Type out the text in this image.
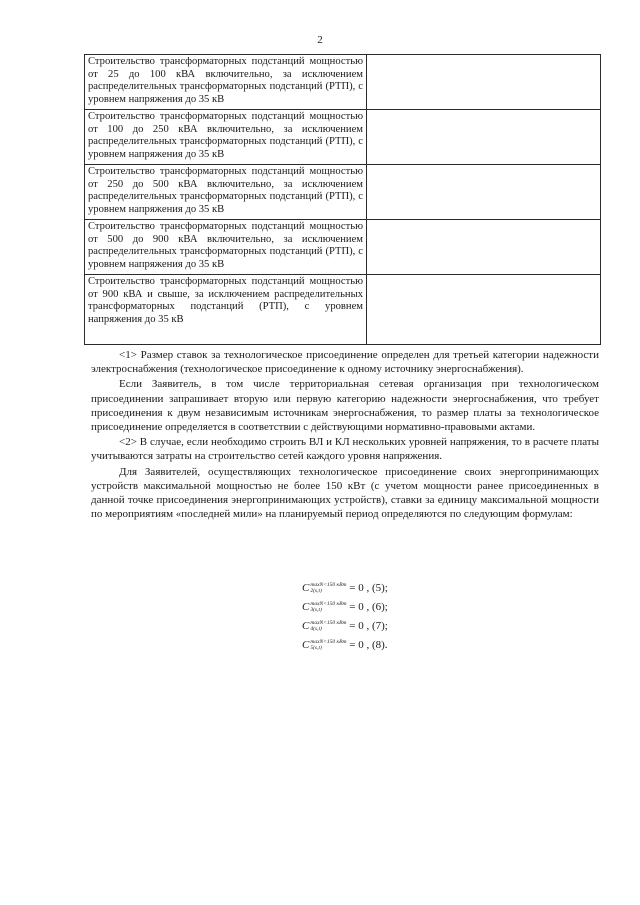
2
Строительство трансформаторных подстанций мощностью от 25 до 100 кВА включительно, за исключением распределительных трансформаторных подстанций (РТП), с уровнем напряжения до 35 кВ	
Строительство трансформаторных подстанций мощностью от 100 до 250 кВА включительно, за исключением распределительных трансформаторных подстанций (РТП), с уровнем напряжения до 35 кВ	
Строительство трансформаторных подстанций мощностью от 250 до 500 кВА включительно, за исключением распределительных трансформаторных подстанций (РТП), с уровнем напряжения до 35 кВ	
Строительство трансформаторных подстанций мощностью от 500 до 900 кВА включительно, за исключением распределительных трансформаторных подстанций (РТП), с уровнем напряжения до 35 кВ	
Строительство трансформаторных подстанций мощностью от 900 кВА и свыше, за исключением распределительных трансформаторных подстанций (РТП), с уровнем напряжения до 35 кВ	

<1> Размер ставок за технологическое присоединение определен для третьей категории надежности электроснабжения (технологическое присоединение к одному источнику энергоснабжения).

Если Заявитель, в том числе территориальная сетевая организация при технологическом присоединении запрашивает вторую или первую категорию надежности энергоснабжения, что требует присоединения к двум независимым источникам энергоснабжения, то размер платы за технологическое присоединение определяется в соответствии с действующими нормативно-правовыми актами.

<2> В случае, если необходимо строить ВЛ и КЛ нескольких уровней напряжения, то в расчете платы учитываются затраты на строительство сетей каждого уровня напряжения.

Для Заявителей, осуществляющих технологическое присоединение своих энергопринимающих устройств максимальной мощностью не более 150 кВт (с учетом мощности ранее присоединенных в данной точке присоединения энергопринимающих устройств), ставки за единицу максимальной мощности по мероприятиям «последней мили» на планируемый период определяются по следующим формулам:

C maxN<150 кВт
2(s,t)	= 0 , (5);
C maxN<150 кВт
3(s,t)	= 0 , (6);
C maxN<150 кВт
4(s,t)	= 0 , (7);
C maxN<150 кВт
5(s,t)	= 0 , (8).
